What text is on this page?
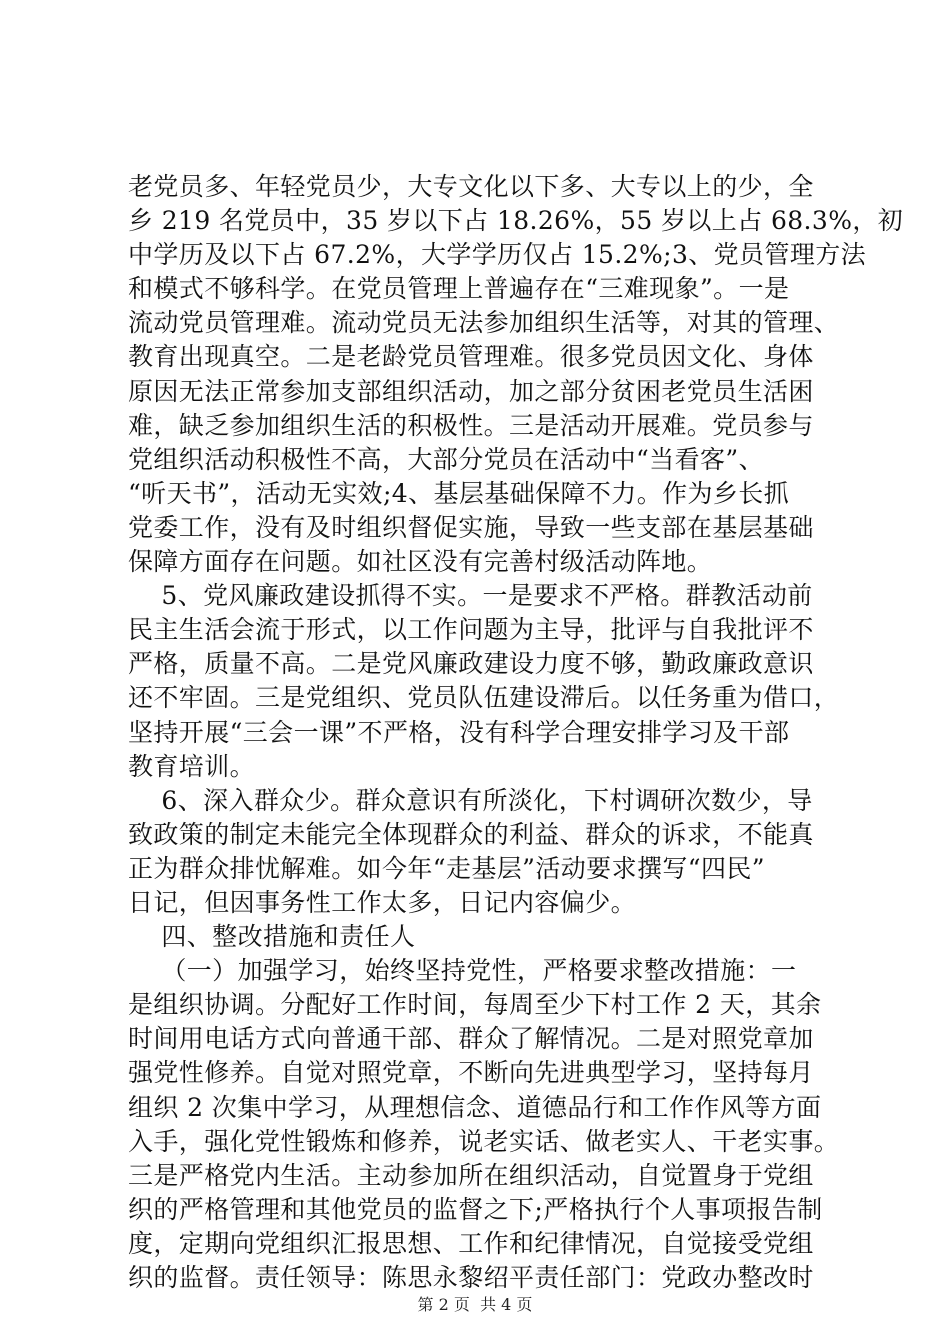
老党员多、年轻党员少，大专文化以下多、大专以上的少，全
乡 219 名党员中，35 岁以下占 18.26%，55 岁以上占 68.3%，初
中学历及以下占 67.2%，大学学历仅占 15.2%;3、党员管理方法
和模式不够科学。在党员管理上普遍存在“三难现象”。一是
流动党员管理难。流动党员无法参加组织生活等，对其的管理、
教育出现真空。二是老龄党员管理难。很多党员因文化、身体
原因无法正常参加支部组织活动，加之部分贫困老党员生活困
难，缺乏参加组织生活的积极性。三是活动开展难。党员参与
党组织活动积极性不高，大部分党员在活动中“当看客”、
“听天书”，活动无实效;4、基层基础保障不力。作为乡长抓
党委工作，没有及时组织督促实施，导致一些支部在基层基础
保障方面存在问题。如社区没有完善村级活动阵地。
5、党风廉政建设抓得不实。一是要求不严格。群教活动前
民主生活会流于形式，以工作问题为主导，批评与自我批评不
严格，质量不高。二是党风廉政建设力度不够，勤政廉政意识
还不牢固。三是党组织、党员队伍建设滞后。以任务重为借口，
坚持开展“三会一课”不严格，没有科学合理安排学习及干部
教育培训。
6、深入群众少。群众意识有所淡化，下村调研次数少，导
致政策的制定未能完全体现群众的利益、群众的诉求，不能真
正为群众排忧解难。如今年“走基层”活动要求撰写“四民”
日记，但因事务性工作太多，日记内容偏少。
四、整改措施和责任人
（一）加强学习，始终坚持党性，严格要求整改措施：一
是组织协调。分配好工作时间，每周至少下村工作 2 天，其余
时间用电话方式向普通干部、群众了解情况。二是对照党章加
强党性修养。自觉对照党章，不断向先进典型学习，坚持每月
组织 2 次集中学习，从理想信念、道德品行和工作作风等方面
入手，强化党性锻炼和修养，说老实话、做老实人、干老实事。
三是严格党内生活。主动参加所在组织活动，自觉置身于党组
织的严格管理和其他党员的监督之下;严格执行个人事项报告制
度，定期向党组织汇报思想、工作和纪律情况，自觉接受党组
织的监督。责任领导：陈思永黎绍平责任部门：党政办整改时
第 2 页  共 4 页
